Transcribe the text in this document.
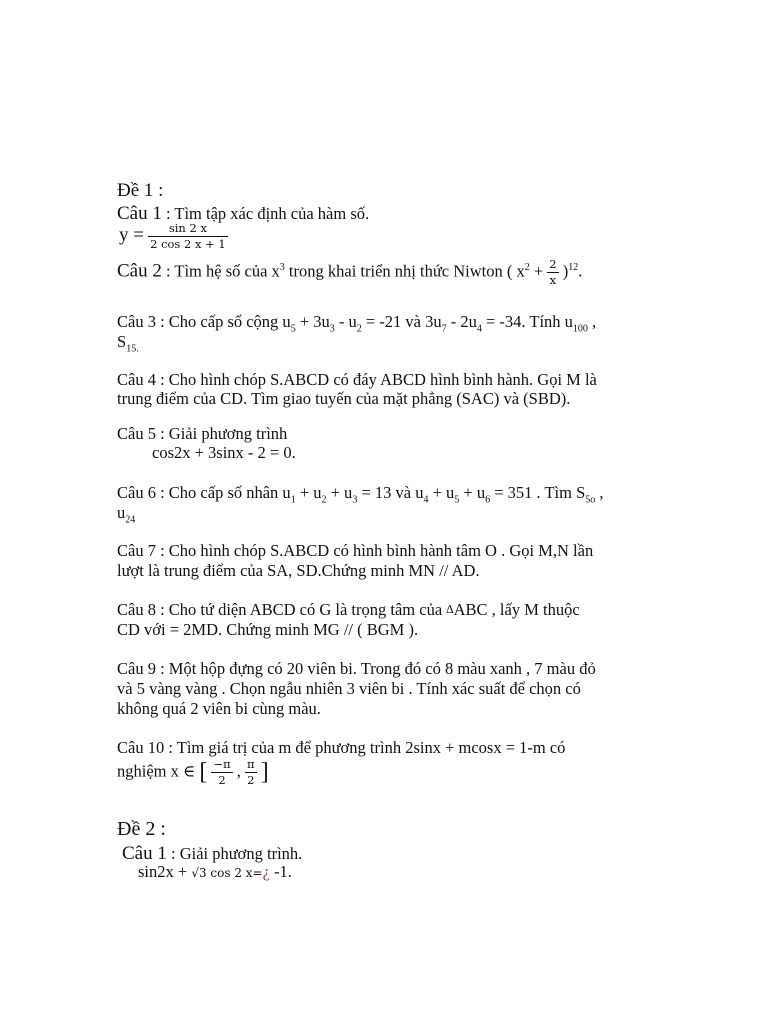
Đề 1 :
Câu 1 : Tìm tập xác định của hàm số.
$y = \frac{\sin 2 x}{2 \cos 2 x + 1}$
Câu 2 : Tìm hệ số của $x^3$ trong khai triển nhị thức Niwton ( $x^2 + \frac{2}{x} )^{12}$.
Câu 3 : Cho cấp số cộng $u_5 + 3u_3 - u_2 = -21$ và $3u_7 - 2u_4 = -34$. Tính $u_{100}$ ,
$S_{15.}$
Câu 4 : Cho hình chóp S.ABCD có đáy ABCD hình bình hành. Gọi M là
trung điểm của CD. Tìm giao tuyến của mặt phẳng (SAC) và (SBD).
Câu 5 : Giải phương trình
cos2x + 3sinx - 2 = 0.
Câu 6 : Cho cấp số nhân $u_1 + u_2 + u_3 = 13$ và $u_4 + u_5 + u_6 = 351$ . Tìm $S_{5o}$ ,
$u_{24}$
Câu 7 : Cho hình chóp S.ABCD có hình bình hành tâm O . Gọi M,N lần
lượt là trung điểm của SA, SD.Chứng minh MN // AD.
Câu 8 : Cho tứ diện ABCD có G là trọng tâm của ∆ABC , lấy M thuộc
CD với = 2MD. Chứng minh MG // ( BGM ).
Câu 9 : Một hộp đựng có 20 viên bi. Trong đó có 8 màu xanh , 7 màu đỏ
và 5 vàng vàng . Chọn ngẫu nhiên 3 viên bi . Tính xác suất để chọn có
không quá 2 viên bi cùng màu.
Câu 10 : Tìm giá trị của m để phương trình 2sinx + mcosx = 1-m có
nghiệm x ∈ [ $\frac{-\pi}{2}$ , $\frac{\pi}{2}$ ]
Đề 2 :
Câu 1 : Giải phương trình.
sin2x + √3 cos 2 x=¿ -1.
